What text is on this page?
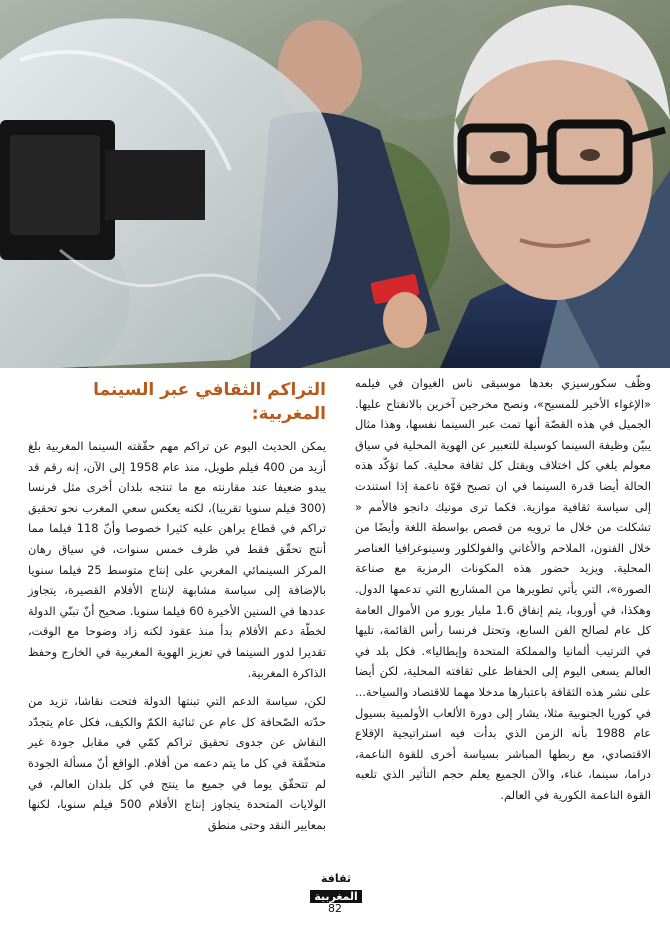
وظّف سكورسيزي بعدها موسيقى ناس الغيوان في فيلمه «الإغواء الأخير للمسيح»، ونصح مخرجين آخرين بالانفتاح عليها. الجميل في هذه القصّة أنها تمت عبر السينما نفسها، وهذا مثال يبيّن وظيفة السينما كوسيلة للتعبير عن الهوية المحلية في سياق معولم يلغي كل اختلاف ويقتل كل ثقافة محلية. كما تؤكّد هذه الحالة أيضا قدرة السينما في ان تصبح قوّة ناعمة إذا استندت إلى سياسة ثقافية موازية. فكما ترى مونيك دانجو فالأمم « تشكلت من خلال ما ترويه من قصص بواسطة اللغة وأيضًا من خلال الفنون، الملاحم والأغاني والفولكلور وسينوغرافيا العناصر المحلية. ويزيد حضور هذه المكونات الرمزية مع صناعة الصورة»، التي يأتي تطويرها من المشاريع التي تدعمها الدول. وهكذا، في أوروبا، يتم إنفاق 1.6 مليار يورو من الأموال العامة كل عام لصالح الفن السابع، وتحتل فرنسا رأس القائمة، تليها في الترتيب ألمانيا والمملكة المتحدة وإيطاليا». فكل بلد في العالم يسعى اليوم إلى الحفاظ على ثقافته المحلية، لكن أيضا على نشر هذه الثقافة باعتبارها مدخلا مهما للاقتصاد والسياحة... في كوريا الجنوبية مثلا، يشار إلى دورة الألعاب الأولمبية بسيول عام 1988 بأنه الزمن الذي بدأت فيه استراتيجية الإقلاع الاقتصادي، مع ربطها المباشر بسياسة أخرى للقوة الناعمة، دراما، سينما، غناء، والآن الجميع يعلم حجم التأثير الذي تلعبه القوة الناعمة الكورية في العالم.

التراكم الثقافي عبر السينما المغربية:

يمكن الحديث اليوم عن تراكم مهم حقّقته السينما المغربية بلغ أزيد من 400 فيلم طويل، منذ عام 1958 إلى الآن، إنه رقم قد يبدو ضعيفا عند مقارنته مع ما تنتجه بلدان أخرى مثل فرنسا (300 فيلم سنويا تقريبا)، لكنه يعكس سعي المغرب نحو تحقيق تراكم في قطاع يراهن عليه كثيرا خصوصا وأنّ 118 فيلما مما أنتج تحقّق فقط في ظرف خمس سنوات، في سياق رهان المركز السينمائي المغربي على إنتاج متوسط 25 فيلما سنويا بالإضافة إلى سياسة مشابهة لإنتاج الأفلام القصيرة، يتجاوز عددها في السنين الأخيرة 60 فيلما سنويا. صحيح أنّ تبنّي الدولة لخطّة دعم الأفلام بدأ منذ عقود لكنه زاد وضوحا مع الوقت، تقديرا لدور السينما في تعزيز الهوية المغربية في الخارج وحفظ الذاكرة المغربية.

لكن، سياسة الدعم التي تبنتها الدولة فتحت نقاشا، تزيد من حدّته الصّحافة كل عام عن ثنائية الكمّ والكيف، فكل عام يتجدّد النقاش عن جدوى تحقيق تراكم كمّي في مقابل جودة غير متحقّقة في كل ما يتم دعمه من أفلام. الواقع أنّ مسألة الجودة لم تتحقّق يوما في جميع ما ينتج في كل بلدان العالم، في الولايات المتحدة يتجاوز إنتاج الأفلام 500 فيلم سنويا، لكنها بمعايير النقد وحتى منطق

ثقافة
المغربية
82
